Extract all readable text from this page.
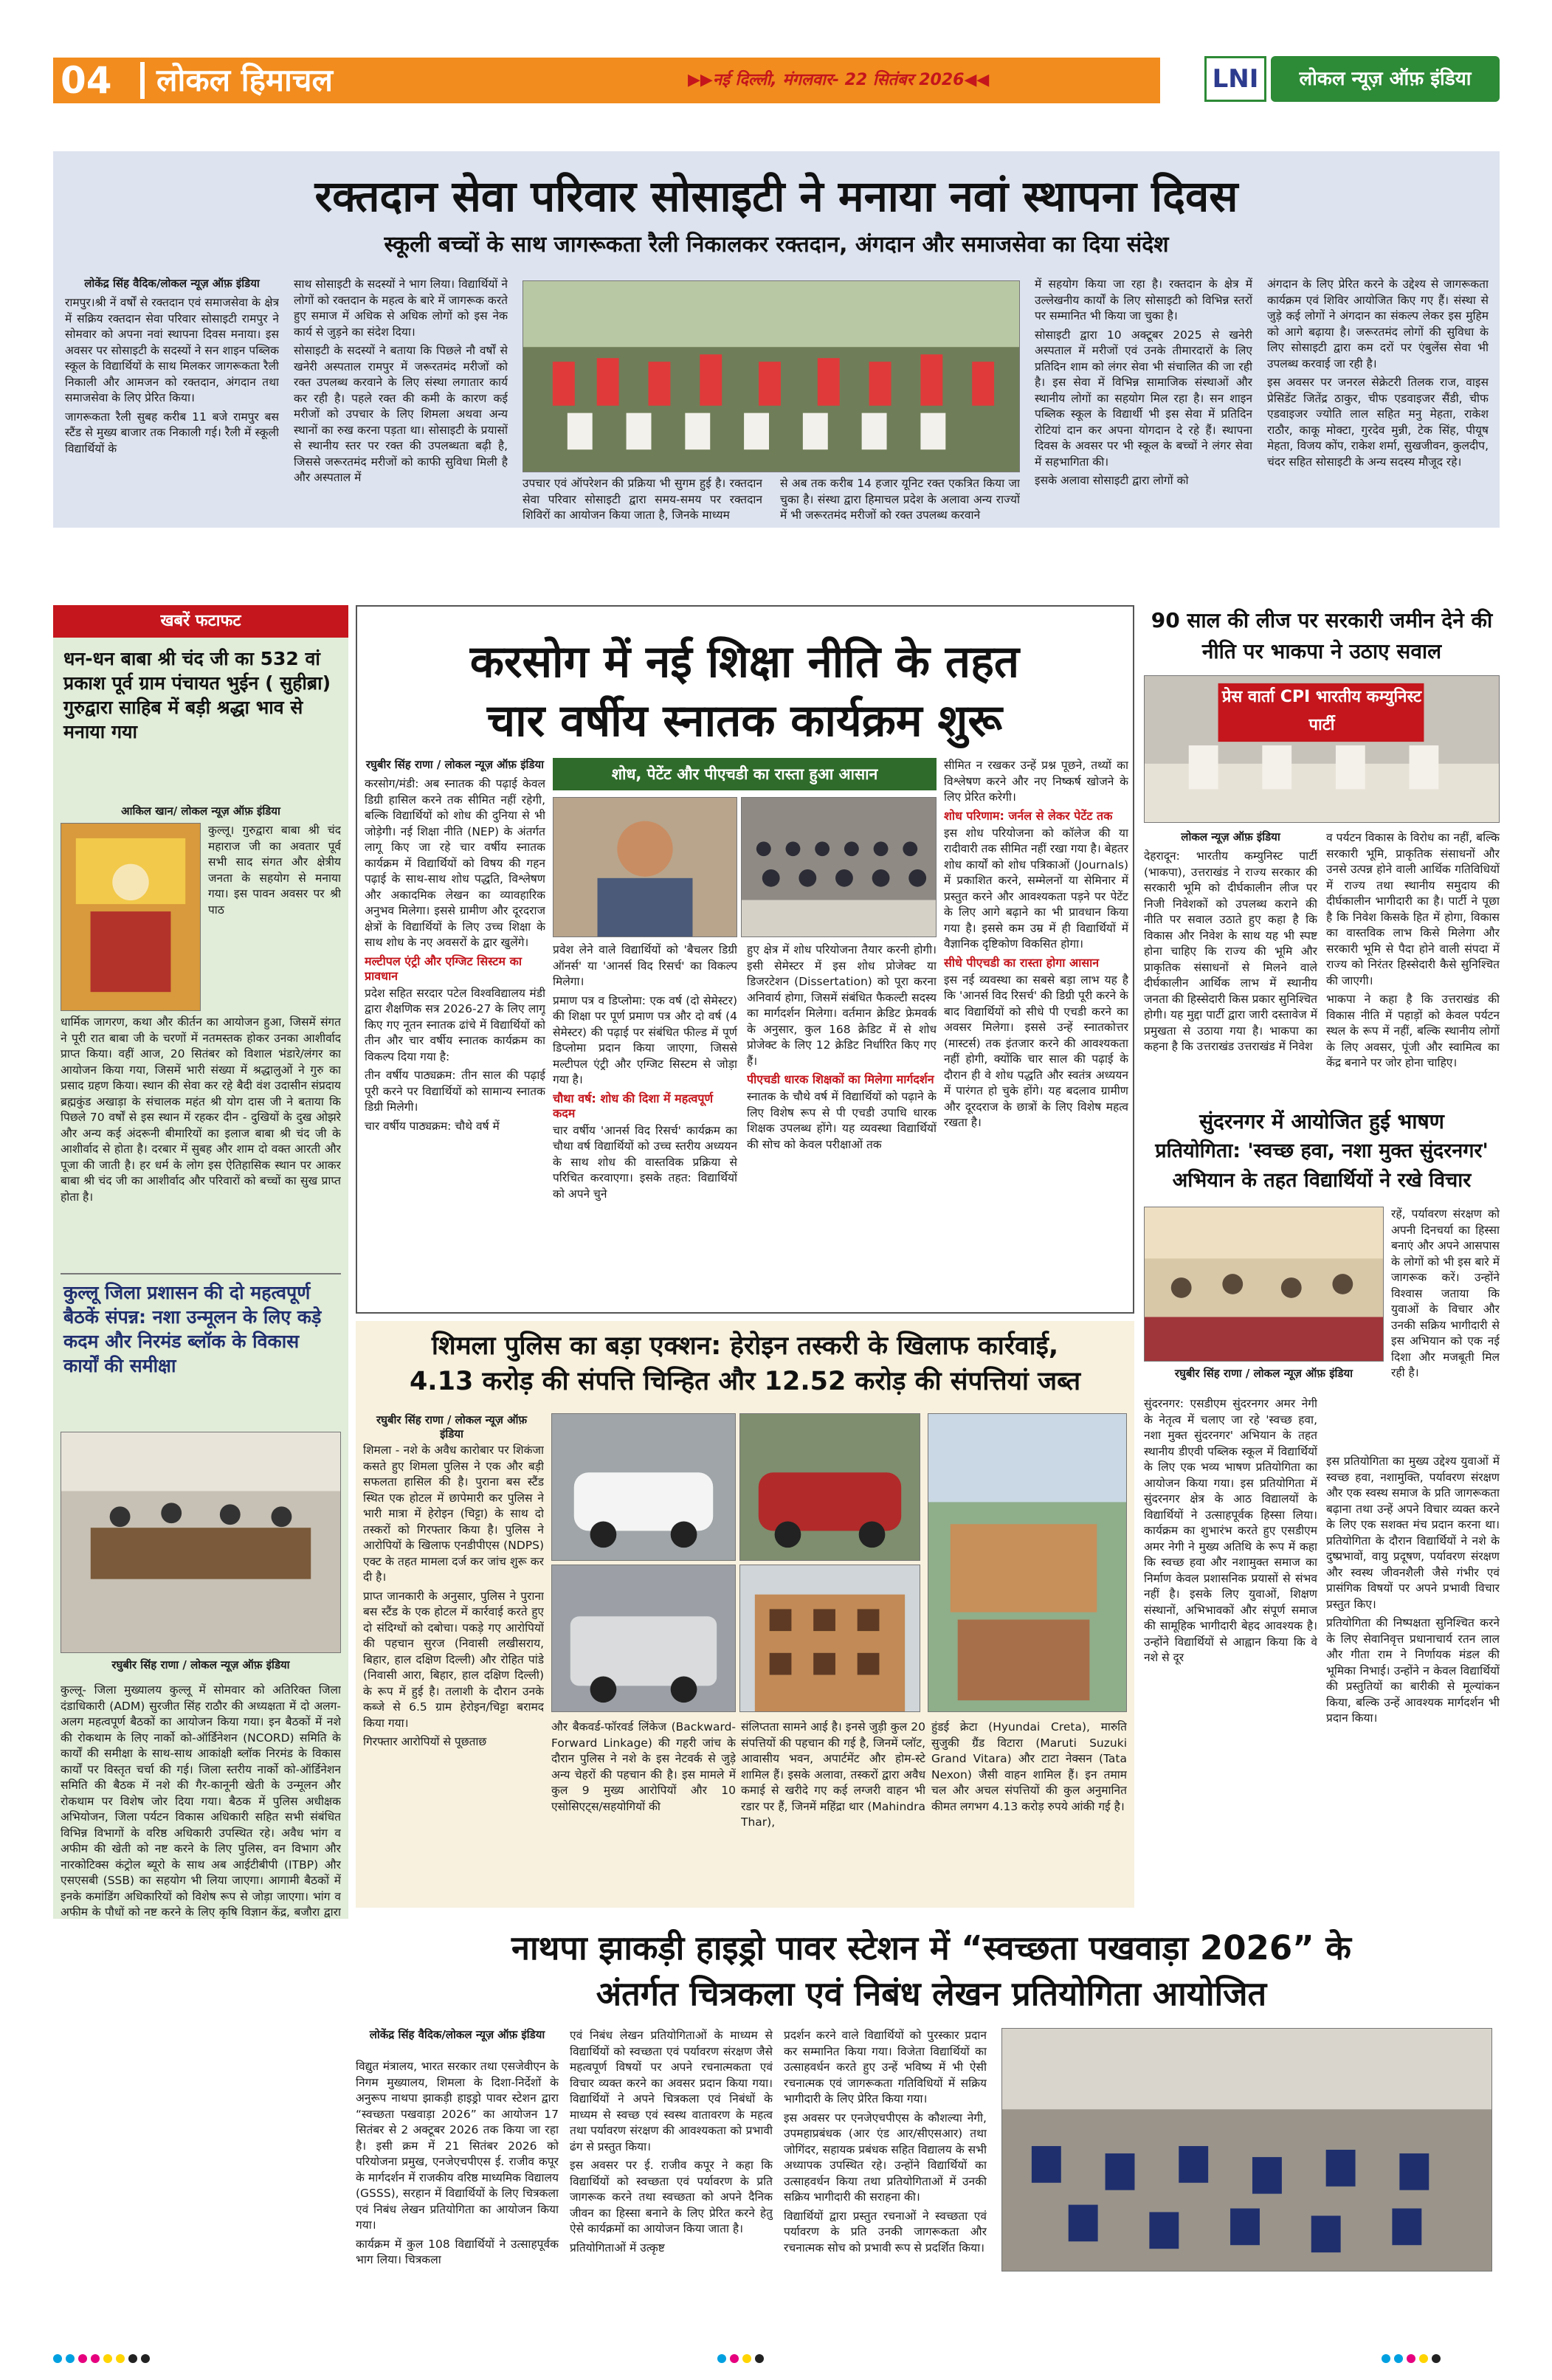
04 लोकल हिमाचल	▶▶नई दिल्ली, मंगलवार- 22 सितंबर 2026◀◀	LNI	लोकल न्यूज़ ऑफ़ इंडिया
रक्तदान सेवा परिवार सोसाइटी ने मनाया नवां स्थापना दिवस
स्कूली बच्चों के साथ जागरूकता रैली निकालकर रक्तदान, अंगदान और समाजसेवा का दिया संदेश
लोकेंद्र सिंह वैदिक/लोकल न्यूज़ ऑफ़ इंडिया

रामपुर।श्री नें वर्षों से रक्तदान एवं समाजसेवा के क्षेत्र में सक्रिय रक्तदान सेवा परिवार सोसाइटी रामपुर ने सोमवार को अपना नवां स्थापना दिवस मनाया। इस अवसर पर सोसाइटी के सदस्यों ने सन शाइन पब्लिक स्कूल के विद्यार्थियों के साथ मिलकर जागरूकता रैली निकाली और आमजन को रक्तदान, अंगदान तथा समाजसेवा के लिए प्रेरित किया।

जागरूकता रैली सुबह करीब 11 बजे रामपुर बस स्टैंड से मुख्य बाजार तक निकाली गई। रैली में स्कूली विद्यार्थियों के

साथ सोसाइटी के सदस्यों ने भाग लिया। विद्यार्थियों ने लोगों को रक्तदान के महत्व के बारे में जागरूक करते हुए समाज में अधिक से अधिक लोगों को इस नेक कार्य से जुड़ने का संदेश दिया।

सोसाइटी के सदस्यों ने बताया कि पिछले नौ वर्षों से खनेरी अस्पताल रामपुर में जरूरतमंद मरीजों को रक्त उपलब्ध करवाने के लिए संस्था लगातार कार्य कर रही है। पहले रक्त की कमी के कारण कई मरीजों को उपचार के लिए शिमला अथवा अन्य स्थानों का रुख करना पड़ता था। सोसाइटी के प्रयासों से स्थानीय स्तर पर रक्त की उपलब्धता बढ़ी है, जिससे जरूरतमंद मरीजों को काफी सुविधा मिली है और अस्पताल में	उपचार एवं ऑपरेशन की प्रक्रिया भी सुगम हुई है। रक्तदान सेवा परिवार सोसाइटी द्वारा समय-समय पर रक्तदान शिविरों का आयोजन किया जाता है, जिनके माध्यम

से अब तक करीब 14 हजार यूनिट रक्त एकत्रित किया जा चुका है। संस्था द्वारा हिमाचल प्रदेश के अलावा अन्य राज्यों में भी जरूरतमंद मरीजों को रक्त उपलब्ध करवाने

में सहयोग किया जा रहा है। रक्तदान के क्षेत्र में उल्लेखनीय कार्यों के लिए सोसाइटी को विभिन्न स्तरों पर सम्मानित भी किया जा चुका है।

सोसाइटी द्वारा 10 अक्टूबर 2025 से खनेरी अस्पताल में मरीजों एवं उनके तीमारदारों के लिए प्रतिदिन शाम को लंगर सेवा भी संचालित की जा रही है। इस सेवा में विभिन्न सामाजिक संस्थाओं और स्थानीय लोगों का सहयोग मिल रहा है। सन शाइन पब्लिक स्कूल के विद्यार्थी भी इस सेवा में प्रतिदिन रोटियां दान कर अपना योगदान दे रहे हैं। स्थापना दिवस के अवसर पर भी स्कूल के बच्चों ने लंगर सेवा में सहभागिता की।

इसके अलावा सोसाइटी द्वारा लोगों को

अंगदान के लिए प्रेरित करने के उद्देश्य से जागरूकता कार्यक्रम एवं शिविर आयोजित किए गए हैं। संस्था से जुड़े कई लोगों ने अंगदान का संकल्प लेकर इस मुहिम को आगे बढ़ाया है। जरूरतमंद लोगों की सुविधा के लिए सोसाइटी द्वारा कम दरों पर एंबुलेंस सेवा भी उपलब्ध करवाई जा रही है।

इस अवसर पर जनरल सेक्रेटरी तिलक राज, वाइस प्रेसिडेंट जितेंद्र ठाकुर, चीफ एडवाइजर सैंडी, चीफ एडवाइजर ज्योति लाल सहित मनु मेहता, राकेश राठौर, काकू मोक्टा, गुरदेव मुन्नी, टेक सिंह, पीयूष मेहता, विजय कोंप, राकेश शर्मा, सुखजीवन, कुलदीप, चंदर सहित सोसाइटी के अन्य सदस्य मौजूद रहे।

खबरें फटाफट
धन-धन बाबा श्री चंद जी का 532 वां प्रकाश पूर्व ग्राम पंचायत भुईन ( सुहीब्रा) गुरुद्वारा साहिब में बड़ी श्रद्धा भाव से मनाया गया
आकिल खान/ लोकल न्यूज़ ऑफ़ इंडिया

कुल्लू। गुरुद्वारा बाबा श्री चंद महाराज जी का अवतार पूर्व सभी साद संगत और क्षेत्रीय जनता के सहयोग से मनाया गया। इस पावन अवसर पर श्री पाठ

धार्मिक जागरण, कथा और कीर्तन का आयोजन हुआ, जिसमें संगत ने पूरी रात बाबा जी के चरणों में नतमस्तक होकर उनका आशीर्वाद प्राप्त किया। वहीं आज, 20 सितंबर को विशाल भंडारे/लंगर का आयोजन किया गया, जिसमें भारी संख्या में श्रद्धालुओं ने गुरु का प्रसाद ग्रहण किया। स्थान की सेवा कर रहे बैदी वंश उदासीन संप्रदाय ब्रह्मकुंड अखाड़ा के संचालक महंत श्री योग दास जी ने बताया कि पिछले 70 वर्षों से इस स्थान में रहकर दीन - दुखियों के दुख ओझरे और अन्य कई अंदरूनी बीमारियों का इलाज बाबा श्री चंद जी के आशीर्वाद से होता है। दरबार में सुबह और शाम दो वक्त आरती और पूजा की जाती है। हर धर्म के लोग इस ऐतिहासिक स्थान पर आकर बाबा श्री चंद जी का आशीर्वाद और परिवारों को बच्चों का सुख प्राप्त होता है।

कुल्लू जिला प्रशासन की दो महत्वपूर्ण बैठकें संपन्न: नशा उन्मूलन के लिए कड़े कदम और निरमंड ब्लॉक के विकास कार्यों की समीक्षा
रघुबीर सिंह राणा / लोकल न्यूज़ ऑफ़ इंडिया

कुल्लू- जिला मुख्यालय कुल्लू में सोमवार को अतिरिक्त जिला दंडाधिकारी (ADM) सुरजीत सिंह राठौर की अध्यक्षता में दो अलग-अलग महत्वपूर्ण बैठकों का आयोजन किया गया। इन बैठकों में नशे की रोकथाम के लिए नार्को को-ऑर्डिनेशन (NCORD) समिति के कार्यों की समीक्षा के साथ-साथ आकांक्षी ब्लॉक निरमंड के विकास कार्यों पर विस्तृत चर्चा की गई। जिला स्तरीय नार्को को-ऑर्डिनेशन समिति की बैठक में नशे की गैर-कानूनी खेती के उन्मूलन और रोकथाम पर विशेष जोर दिया गया। बैठक में पुलिस अधीक्षक अभियोजन, जिला पर्यटन विकास अधिकारी सहित सभी संबंधित विभिन्न विभागों के वरिष्ठ अधिकारी उपस्थित रहे। अवैध भांग व अफीम की खेती को नष्ट करने के लिए पुलिस, वन विभाग और नारकोटिक्स कंट्रोल ब्यूरो के साथ अब आईटीबीपी (ITBP) और एसएसबी (SSB) का सहयोग भी लिया जाएगा। आगामी बैठकों में इनके कमांडिंग अधिकारियों को विशेष रूप से जोड़ा जाएगा। भांग व अफीम के पौधों को नष्ट करने के लिए कृषि विज्ञान केंद्र, बजौरा द्वारा

करसोग में नई शिक्षा नीति के तहत
चार वर्षीय स्नातक कार्यक्रम शुरू
रघुबीर सिंह राणा / लोकल न्यूज़ ऑफ़ इंडिया

करसोग/मंडी: अब स्नातक की पढ़ाई केवल डिग्री हासिल करने तक सीमित नहीं रहेगी, बल्कि विद्यार्थियों को शोध की दुनिया से भी जोड़ेगी। नई शिक्षा नीति (NEP) के अंतर्गत लागू किए जा रहे चार वर्षीय स्नातक कार्यक्रम में विद्यार्थियों को विषय की गहन पढ़ाई के साथ-साथ शोध पद्धति, विश्लेषण और अकादमिक लेखन का व्यावहारिक अनुभव मिलेगा। इससे ग्रामीण और दूरदराज क्षेत्रों के विद्यार्थियों के लिए उच्च शिक्षा के साथ शोध के नए अवसरों के द्वार खुलेंगे।

मल्टीपल एंट्री और एग्जिट सिस्टम का प्रावधान

प्रदेश सहित सरदार पटेल विश्वविद्यालय मंडी द्वारा शैक्षणिक सत्र 2026-27 के लिए लागू किए गए नूतन स्नातक ढांचे में विद्यार्थियों को तीन और चार वर्षीय स्नातक कार्यक्रम का विकल्प दिया गया है:

तीन वर्षीय पाठ्यक्रम: तीन साल की पढ़ाई पूरी करने पर विद्यार्थियों को सामान्य स्नातक डिग्री मिलेगी।

चार वर्षीय पाठ्यक्रम: चौथे वर्ष में

शोध, पेटेंट और पीएचडी का रास्ता हुआ आसान

प्रवेश लेने वाले विद्यार्थियों को 'बैचलर डिग्री ऑनर्स' या 'आनर्स विद रिसर्च' का विकल्प मिलेगा।

प्रमाण पत्र व डिप्लोमा: एक वर्ष (दो सेमेस्टर) की शिक्षा पर पूर्ण प्रमाण पत्र और दो वर्ष (4 सेमेस्टर) की पढ़ाई पर संबंधित फील्ड में पूर्ण डिप्लोमा प्रदान किया जाएगा, जिससे मल्टीपल एंट्री और एग्जिट सिस्टम से जोड़ा गया है।

चौथा वर्ष: शोध की दिशा में महत्वपूर्ण कदम

चार वर्षीय 'आनर्स विद रिसर्च' कार्यक्रम का चौथा वर्ष विद्यार्थियों को उच्च स्तरीय अध्ययन के साथ शोध की वास्तविक प्रक्रिया से परिचित करवाएगा। इसके तहत: विद्यार्थियों को अपने चुने

हुए क्षेत्र में शोध परियोजना तैयार करनी होगी। इसी सेमेस्टर में इस शोध प्रोजेक्ट या डिजरटेशन (Dissertation) को पूरा करना अनिवार्य होगा, जिसमें संबंधित फैकल्टी सदस्य का मार्गदर्शन मिलेगा। वर्तमान क्रेडिट फ्रेमवर्क के अनुसार, कुल 168 क्रेडिट में से शोध प्रोजेक्ट के लिए 12 क्रेडिट निर्धारित किए गए हैं।

पीएचडी धारक शिक्षकों का मिलेगा मार्गदर्शन

स्नातक के चौथे वर्ष में विद्यार्थियों को पढ़ाने के लिए विशेष रूप से पी एचडी उपाधि धारक शिक्षक उपलब्ध होंगे। यह व्यवस्था विद्यार्थियों की सोच को केवल परीक्षाओं तक

सीमित न रखकर उन्हें प्रश्न पूछने, तथ्यों का विश्लेषण करने और नए निष्कर्ष खोजने के लिए प्रेरित करेगी।

शोध परिणाम: जर्नल से लेकर पेटेंट तक

इस शोध परियोजना को कॉलेज की या रादीवारी तक सीमित नहीं रखा गया है। बेहतर शोध कार्यों को शोध पत्रिकाओं (Journals) में प्रकाशित करने, सम्मेलनों या सेमिनार में प्रस्तुत करने और आवश्यकता पड़ने पर पेटेंट के लिए आगे बढ़ाने का भी प्रावधान किया गया है। इससे कम उम्र में ही विद्यार्थियों में वैज्ञानिक दृष्टिकोण विकसित होगा।

सीधे पीएचडी का रास्ता होगा आसान

इस नई व्यवस्था का सबसे बड़ा लाभ यह है कि 'आनर्स विद रिसर्च' की डिग्री पूरी करने के बाद विद्यार्थियों को सीधे पी एचडी करने का अवसर मिलेगा। इससे उन्हें स्नातकोत्तर (मास्टर्स) तक इंतजार करने की आवश्यकता नहीं होगी, क्योंकि चार साल की पढ़ाई के दौरान ही वे शोध पद्धति और स्वतंत्र अध्ययन में पारंगत हो चुके होंगे। यह बदलाव ग्रामीण और दूरदराज के छात्रों के लिए विशेष महत्व रखता है।

90 साल की लीज पर सरकारी जमीन देने की नीति पर भाकपा ने उठाए सवाल
प्रेस वार्ता CPI भारतीय कम्युनिस्ट पार्टी
लोकल न्यूज़ ऑफ़ इंडिया

देहरादून: भारतीय कम्युनिस्ट पार्टी (भाकपा), उत्तराखंड ने राज्य सरकार की सरकारी भूमि को दीर्घकालीन लीज पर निजी निवेशकों को उपलब्ध कराने की नीति पर सवाल उठाते हुए कहा है कि विकास और निवेश के साथ यह भी स्पष्ट होना चाहिए कि राज्य की भूमि और प्राकृतिक संसाधनों से मिलने वाले दीर्घकालीन आर्थिक लाभ में स्थानीय जनता की हिस्सेदारी किस प्रकार सुनिश्चित होगी। यह मुद्दा पार्टी द्वारा जारी दस्तावेज में प्रमुखता से उठाया गया है। भाकपा का कहना है कि उत्तराखंड उत्तराखंड में निवेश

व पर्यटन विकास के विरोध का नहीं, बल्कि सरकारी भूमि, प्राकृतिक संसाधनों और उनसे उत्पन्न होने वाली आर्थिक गतिविधियों में राज्य तथा स्थानीय समुदाय की दीर्घकालीन भागीदारी का है। पार्टी ने पूछा है कि निवेश किसके हित में होगा, विकास का वास्तविक लाभ किसे मिलेगा और सरकारी भूमि से पैदा होने वाली संपदा में राज्य को निरंतर हिस्सेदारी कैसे सुनिश्चित की जाएगी।

भाकपा ने कहा है कि उत्तराखंड की विकास नीति में पहाड़ों को केवल पर्यटन स्थल के रूप में नहीं, बल्कि स्थानीय लोगों के लिए अवसर, पूंजी और स्वामित्व का केंद्र बनाने पर जोर होना चाहिए।

सुंदरनगर में आयोजित हुई भाषण
प्रतियोगिता: 'स्वच्छ हवा, नशा मुक्त सुंदरनगर'
अभियान के तहत विद्यार्थियों ने रखे विचार

रहें, पर्यावरण संरक्षण को अपनी दिनचर्या का हिस्सा बनाएं और अपने आसपास के लोगों को भी इस बारे में जागरूक करें। उन्होंने विश्वास जताया कि युवाओं के विचार और उनकी सक्रिय भागीदारी से इस अभियान को एक नई दिशा और मजबूती मिल रही है।

रघुबीर सिंह राणा / लोकल न्यूज़ ऑफ़ इंडिया

सुंदरनगर: एसडीएम सुंदरनगर अमर नेगी के नेतृत्व में चलाए जा रहे 'स्वच्छ हवा, नशा मुक्त सुंदरनगर' अभियान के तहत स्थानीय डीएवी पब्लिक स्कूल में विद्यार्थियों के लिए एक भव्य भाषण प्रतियोगिता का आयोजन किया गया। इस प्रतियोगिता में सुंदरनगर क्षेत्र के आठ विद्यालयों के विद्यार्थियों ने उत्साहपूर्वक हिस्सा लिया। कार्यक्रम का शुभारंभ करते हुए एसडीएम अमर नेगी ने मुख्य अतिथि के रूप में कहा कि स्वच्छ हवा और नशामुक्त समाज का निर्माण केवल प्रशासनिक प्रयासों से संभव नहीं है। इसके लिए युवाओं, शिक्षण संस्थानों, अभिभावकों और संपूर्ण समाज की सामूहिक भागीदारी बेहद आवश्यक है। उन्होंने विद्यार्थियों से आह्वान किया कि वे नशे से दूर

इस प्रतियोगिता का मुख्य उद्देश्य युवाओं में स्वच्छ हवा, नशामुक्ति, पर्यावरण संरक्षण और एक स्वस्थ समाज के प्रति जागरूकता बढ़ाना तथा उन्हें अपने विचार व्यक्त करने के लिए एक सशक्त मंच प्रदान करना था। प्रतियोगिता के दौरान विद्यार्थियों ने नशे के दुष्प्रभावों, वायु प्रदूषण, पर्यावरण संरक्षण और स्वस्थ जीवनशैली जैसे गंभीर एवं प्रासंगिक विषयों पर अपने प्रभावी विचार प्रस्तुत किए।

प्रतियोगिता की निष्पक्षता सुनिश्चित करने के लिए सेवानिवृत्त प्रधानाचार्य रतन लाल और गीता राम ने निर्णायक मंडल की भूमिका निभाई। उन्होंने न केवल विद्यार्थियों की प्रस्तुतियों का बारीकी से मूल्यांकन किया, बल्कि उन्हें आवश्यक मार्गदर्शन भी प्रदान किया।

शिमला पुलिस का बड़ा एक्शन: हेरोइन तस्करी के खिलाफ कार्रवाई,
4.13 करोड़ की संपत्ति चिन्हित और 12.52 करोड़ की संपत्तियां जब्त
रघुबीर सिंह राणा / लोकल न्यूज़ ऑफ़ इंडिया

शिमला - नशे के अवैध कारोबार पर शिकंजा कसते हुए शिमला पुलिस ने एक और बड़ी सफलता हासिल की है। पुराना बस स्टैंड स्थित एक होटल में छापेमारी कर पुलिस ने भारी मात्रा में हेरोइन (चिट्टा) के साथ दो तस्करों को गिरफ्तार किया है। पुलिस ने आरोपियों के खिलाफ एनडीपीएस (NDPS) एक्ट के तहत मामला दर्ज कर जांच शुरू कर दी है।

प्राप्त जानकारी के अनुसार, पुलिस ने पुराना बस स्टैंड के एक होटल में कार्रवाई करते हुए दो संदिग्धों को दबोचा। पकड़े गए आरोपियों की पहचान सुरज (निवासी लखीसराय, बिहार, हाल दक्षिण दिल्ली) और रोहित पांडे (निवासी आरा, बिहार, हाल दक्षिण दिल्ली) के रूप में हुई है। तलाशी के दौरान उनके कब्जे से 6.5 ग्राम हेरोइन/चिट्टा बरामद किया गया।

गिरफ्तार आरोपियों से पूछताछ

और बैकवर्ड-फॉरवर्ड लिंकेज (Backward-Forward Linkage) की गहरी जांच के दौरान पुलिस ने नशे के इस नेटवर्क से जुड़े अन्य चेहरों की पहचान की है। इस मामले में कुल 9 मुख्य आरोपियों और 10 एसोसिएट्स/सहयोगियों की

संलिप्तता सामने आई है। इनसे जुड़ी कुल 20 संपत्तियों की पहचान की गई है, जिनमें प्लॉट, आवासीय भवन, अपार्टमेंट और होम-स्टे शामिल हैं। इसके अलावा, तस्करों द्वारा अवैध कमाई से खरीदे गए कई लग्जरी वाहन भी रडार पर हैं, जिनमें महिंद्रा थार (Mahindra Thar),

हुंडई क्रेटा (Hyundai Creta), मारुति सुजुकी ग्रैंड विटारा (Maruti Suzuki Grand Vitara) और टाटा नेक्सन (Tata Nexon) जैसी वाहन शामिल हैं। इन तमाम चल और अचल संपत्तियों की कुल अनुमानित कीमत लगभग 4.13 करोड़ रुपये आंकी गई है।

नाथपा झाकड़ी हाइड्रो पावर स्टेशन में “स्वच्छता पखवाड़ा 2026” के
अंतर्गत चित्रकला एवं निबंध लेखन प्रतियोगिता आयोजित
लोकेंद्र सिंह वैदिक/लोकल न्यूज़ ऑफ़ इंडिया

विद्युत मंत्रालय, भारत सरकार तथा एसजेवीएन के निगम मुख्यालय, शिमला के दिशा-निर्देशों के अनुरूप नाथपा झाकड़ी हाइड्रो पावर स्टेशन द्वारा “स्वच्छता पखवाड़ा 2026” का आयोजन 17 सितंबर से 2 अक्टूबर 2026 तक किया जा रहा है। इसी क्रम में 21 सितंबर 2026 को परियोजना प्रमुख, एनजेएचपीएस ई. राजीव कपूर के मार्गदर्शन में राजकीय वरिष्ठ माध्यमिक विद्यालय (GSSS), सरहान में विद्यार्थियों के लिए चित्रकला एवं निबंध लेखन प्रतियोगिता का आयोजन किया गया।

कार्यक्रम में कुल 108 विद्यार्थियों ने उत्साहपूर्वक भाग लिया। चित्रकला

एवं निबंध लेखन प्रतियोगिताओं के माध्यम से विद्यार्थियों को स्वच्छता एवं पर्यावरण संरक्षण जैसे महत्वपूर्ण विषयों पर अपने रचनात्मकता एवं विचार व्यक्त करने का अवसर प्रदान किया गया। विद्यार्थियों ने अपने चित्रकला एवं निबंधों के माध्यम से स्वच्छ एवं स्वस्थ वातावरण के महत्व तथा पर्यावरण संरक्षण की आवश्यकता को प्रभावी ढंग से प्रस्तुत किया।

इस अवसर पर ई. राजीव कपूर ने कहा कि विद्यार्थियों को स्वच्छता एवं पर्यावरण के प्रति जागरूक करने तथा स्वच्छता को अपने दैनिक जीवन का हिस्सा बनाने के लिए प्रेरित करने हेतु ऐसे कार्यक्रमों का आयोजन किया जाता है।

प्रतियोगिताओं में उत्कृष्ट

प्रदर्शन करने वाले विद्यार्थियों को पुरस्कार प्रदान कर सम्मानित किया गया। विजेता विद्यार्थियों का उत्साहवर्धन करते हुए उन्हें भविष्य में भी ऐसी रचनात्मक एवं जागरूकता गतिविधियों में सक्रिय भागीदारी के लिए प्रेरित किया गया।

इस अवसर पर एनजेएचपीएस के कौशल्या नेगी, उपमहाप्रबंधक (आर एंड आर/सीएसआर) तथा जोगिंदर, सहायक प्रबंधक सहित विद्यालय के सभी अध्यापक उपस्थित रहे। उन्होंने विद्यार्थियों का उत्साहवर्धन किया तथा प्रतियोगिताओं में उनकी सक्रिय भागीदारी की सराहना की।

विद्यार्थियों द्वारा प्रस्तुत रचनाओं ने स्वच्छता एवं पर्यावरण के प्रति उनकी जागरूकता और रचनात्मक सोच को प्रभावी रूप से प्रदर्शित किया।
